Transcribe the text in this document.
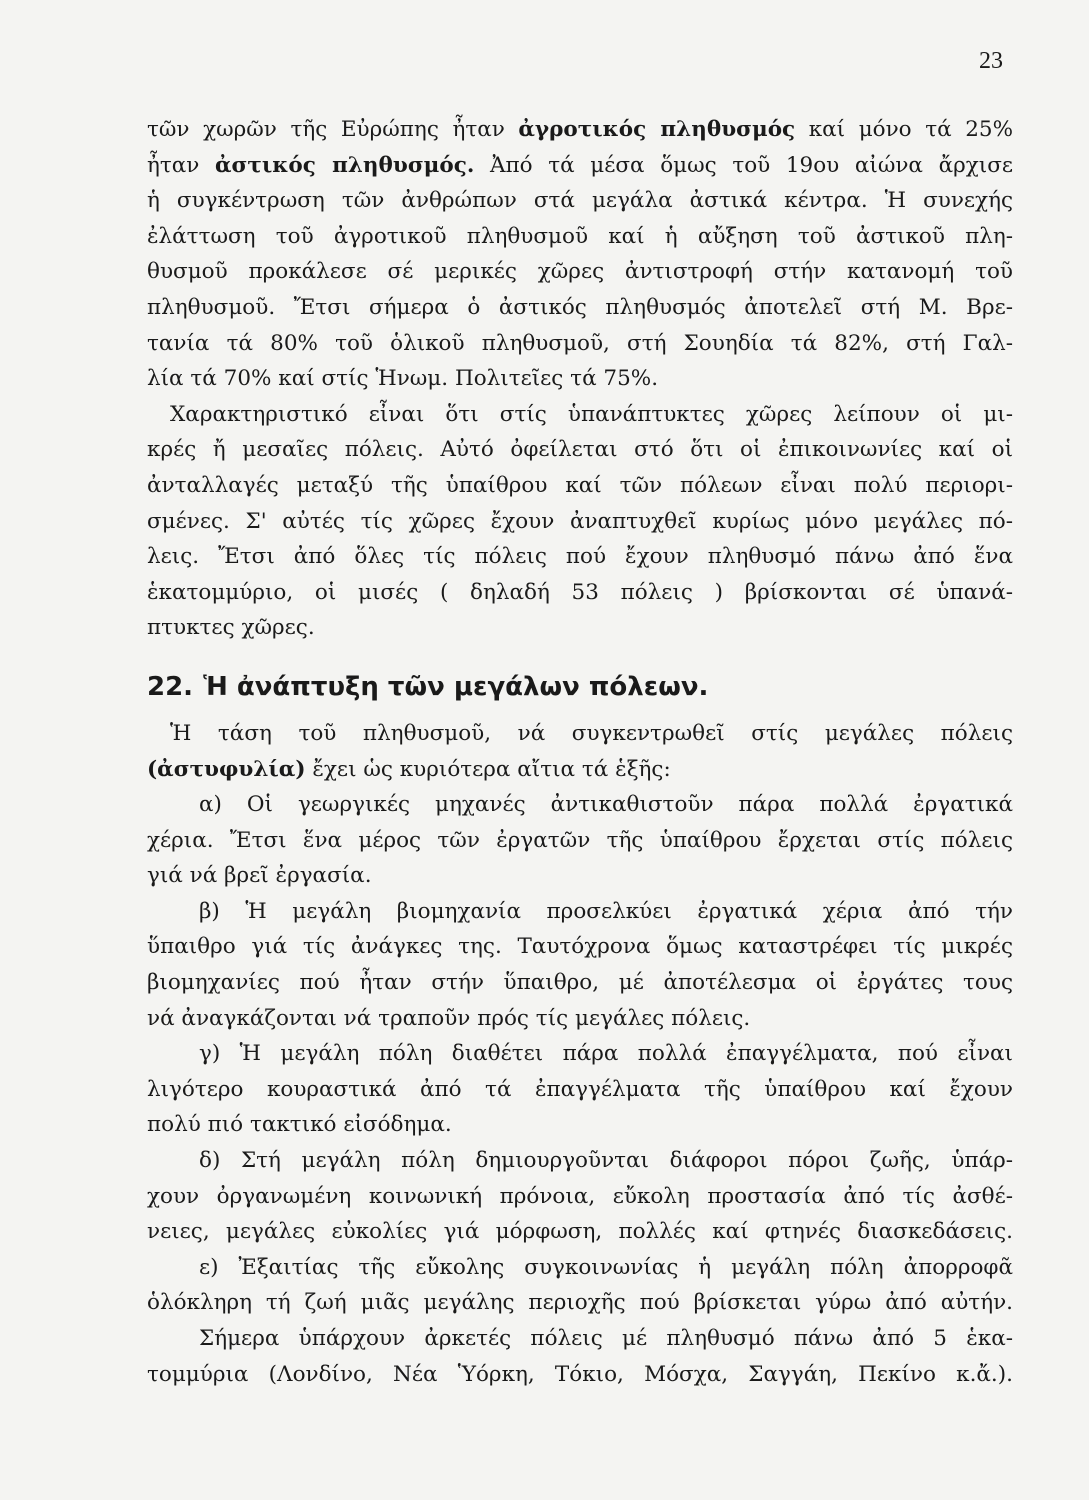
23
τῶν χωρῶν τῆς Εὐρώπης ἦταν ἀγροτικός πληθυσμός καί μόνο τά 25%
ἦταν ἀστικός πληθυσμός. Ἀπό τά μέσα ὅμως τοῦ 19ου αἰώνα ἄρχισε
ἡ συγκέντρωση τῶν ἀνθρώπων στά μεγάλα ἀστικά κέντρα. Ἡ συνεχής
ἐλάττωση τοῦ ἀγροτικοῦ πληθυσμοῦ καί ἡ αὔξηση τοῦ ἀστικοῦ πλη-
θυσμοῦ προκάλεσε σέ μερικές χῶρες ἀντιστροφή στήν κατανομή τοῦ
πληθυσμοῦ. Ἔτσι σήμερα ὁ ἀστικός πληθυσμός ἀποτελεῖ στή Μ. Βρε-
τανία τά 80% τοῦ ὁλικοῦ πληθυσμοῦ, στή Σουηδία τά 82%, στή Γαλ-
λία τά 70% καί στίς Ἡνωμ. Πολιτεῖες τά 75%.
Χαρακτηριστικό εἶναι ὅτι στίς ὑπανάπτυκτες χῶρες λείπουν οἱ μι-
κρές ἤ μεσαῖες πόλεις. Αὐτό ὀφείλεται στό ὅτι οἱ ἐπικοινωνίες καί οἱ
ἀνταλλαγές μεταξύ τῆς ὑπαίθρου καί τῶν πόλεων εἶναι πολύ περιορι-
σμένες. Σ' αὐτές τίς χῶρες ἔχουν ἀναπτυχθεῖ κυρίως μόνο μεγάλες πό-
λεις. Ἔτσι ἀπό ὅλες τίς πόλεις πού ἔχουν πληθυσμό πάνω ἀπό ἕνα
ἑκατομμύριο, οἱ μισές ( δηλαδή 53 πόλεις ) βρίσκονται σέ ὑπανά-
πτυκτες χῶρες.
22. Ἡ ἀνάπτυξη τῶν μεγάλων πόλεων.
Ἡ τάση τοῦ πληθυσμοῦ, νά συγκεντρωθεῖ στίς μεγάλες πόλεις
(ἀστυφυλία) ἔχει ὡς κυριότερα αἴτια τά ἑξῆς:
α) Οἱ γεωργικές μηχανές ἀντικαθιστοῦν πάρα πολλά ἐργατικά
χέρια. Ἔτσι ἕνα μέρος τῶν ἐργατῶν τῆς ὑπαίθρου ἔρχεται στίς πόλεις
γιά νά βρεῖ ἐργασία.
β) Ἡ μεγάλη βιομηχανία προσελκύει ἐργατικά χέρια ἀπό τήν
ὕπαιθρο γιά τίς ἀνάγκες της. Ταυτόχρονα ὅμως καταστρέφει τίς μικρές
βιομηχανίες πού ἦταν στήν ὕπαιθρο, μέ ἀποτέλεσμα οἱ ἐργάτες τους
νά ἀναγκάζονται νά τραποῦν πρός τίς μεγάλες πόλεις.
γ) Ἡ μεγάλη πόλη διαθέτει πάρα πολλά ἐπαγγέλματα, πού εἶναι
λιγότερο κουραστικά ἀπό τά ἐπαγγέλματα τῆς ὑπαίθρου καί ἔχουν
πολύ πιό τακτικό εἰσόδημα.
δ) Στή μεγάλη πόλη δημιουργοῦνται διάφοροι πόροι ζωῆς, ὑπάρ-
χουν ὀργανωμένη κοινωνική πρόνοια, εὔκολη προστασία ἀπό τίς ἀσθέ-
νειες, μεγάλες εὐκολίες γιά μόρφωση, πολλές καί φτηνές διασκεδάσεις.
ε) Ἐξαιτίας τῆς εὔκολης συγκοινωνίας ἡ μεγάλη πόλη ἀπορροφᾶ
ὁλόκληρη τή ζωή μιᾶς μεγάλης περιοχῆς πού βρίσκεται γύρω ἀπό αὐτήν.
Σήμερα ὑπάρχουν ἀρκετές πόλεις μέ πληθυσμό πάνω ἀπό 5 ἑκα-
τομμύρια (Λονδίνο, Νέα Ὑόρκη, Τόκιο, Μόσχα, Σαγγάη, Πεκίνο κ.ἄ.).
